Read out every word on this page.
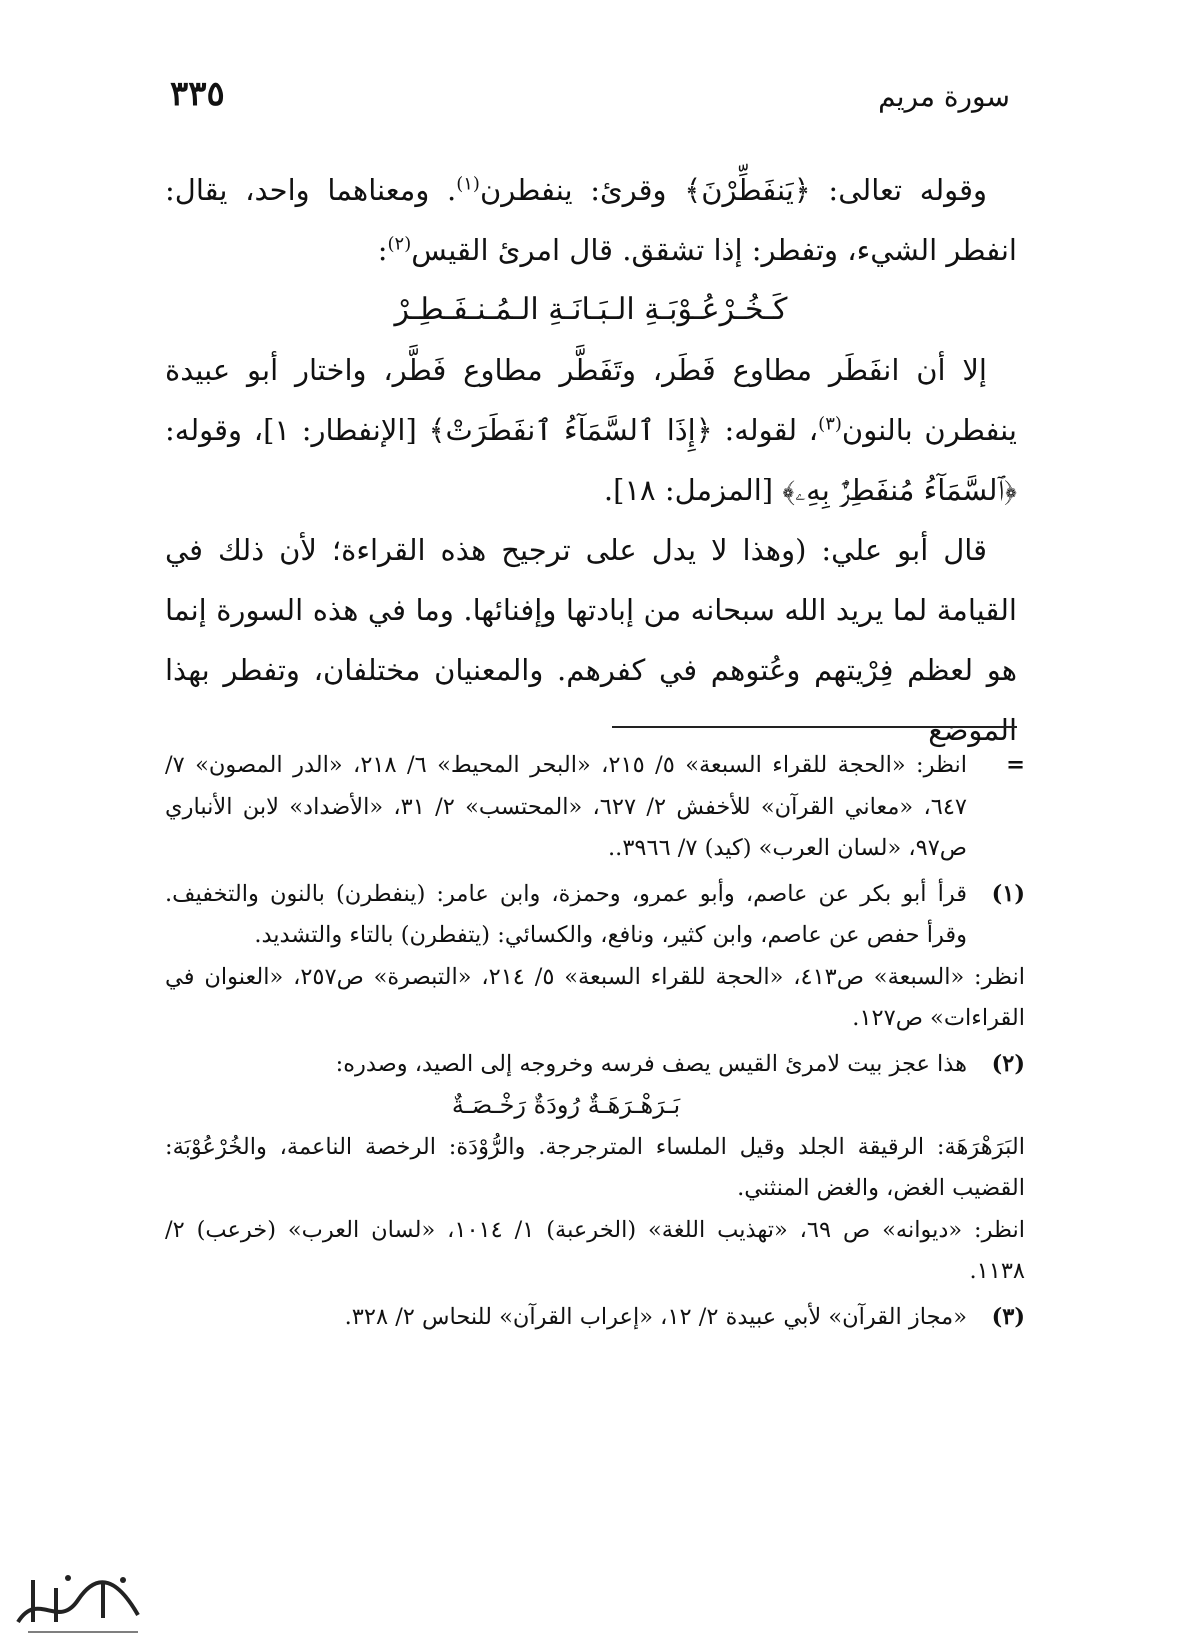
سورة مريم
٣٣٥

وقوله تعالى: ﴿يَنفَطِّرْنَ﴾ وقرئ: ينفطرن$^{(١)}$. ومعناهما واحد، يقال: انفطر الشيء، وتفطر: إذا تشقق. قال امرئ القيس$^{(٢)}$:

كَـخُـرْعُـوْبَـةِ الـبَـانَـةِ الـمُـنـفَـطِـرْ

إلا أن انفَطَر مطاوع فَطَر، وتَفَطَّر مطاوع فَطَّر، واختار أبو عبيدة ينفطرن بالنون$^{(٣)}$، لقوله: ﴿إِذَا ٱلسَّمَآءُ ٱنفَطَرَتْ﴾ [الإنفطار: ١]، وقوله: ﴿ٱلسَّمَآءُ مُنفَطِرٌۢ بِهِۦ﴾ [المزمل: ١٨].

قال أبو علي: (وهذا لا يدل على ترجيح هذه القراءة؛ لأن ذلك في القيامة لما يريد الله سبحانه من إبادتها وإفنائها. وما في هذه السورة إنما هو لعظم فِرْيتهم وعُتوهم في كفرهم. والمعنيان مختلفان، وتفطر بهذا الموضع

=

انظر: «الحجة للقراء السبعة» ٥/ ٢١٥، «البحر المحيط» ٦/ ٢١٨، «الدر المصون» ٧/ ٦٤٧، «معاني القرآن» للأخفش ٢/ ٦٢٧، «المحتسب» ٢/ ٣١، «الأضداد» لابن الأنباري ص٩٧، «لسان العرب» (كيد) ٧/ ٣٩٦٦..

(١)

قرأ أبو بكر عن عاصم، وأبو عمرو، وحمزة، وابن عامر: (ينفطرن) بالنون والتخفيف. وقرأ حفص عن عاصم، وابن كثير، ونافع، والكسائي: (يتفطرن) بالتاء والتشديد.

انظر: «السبعة» ص٤١٣، «الحجة للقراء السبعة» ٥/ ٢١٤، «التبصرة» ص٢٥٧، «العنوان في القراءات» ص١٢٧.

(٢)

هذا عجز بيت لامرئ القيس يصف فرسه وخروجه إلى الصيد، وصدره:

بَـرَهْـرَهَـةٌ رُودَةٌ رَخْـصَـةٌ

البَرَهْرَهَة: الرقيقة الجلد وقيل الملساء المترجرجة. والرُّوْدَة: الرخصة الناعمة، والخُرْعُوْبَة: القضيب الغض، والغض المنثني.

انظر: «ديوانه» ص ٦٩، «تهذيب اللغة» (الخرعبة) ١/ ١٠١٤، «لسان العرب» (خرعب) ٢/ ١١٣٨.

(٣)

«مجاز القرآن» لأبي عبيدة ٢/ ١٢، «إعراب القرآن» للنحاس ٢/ ٣٢٨.
